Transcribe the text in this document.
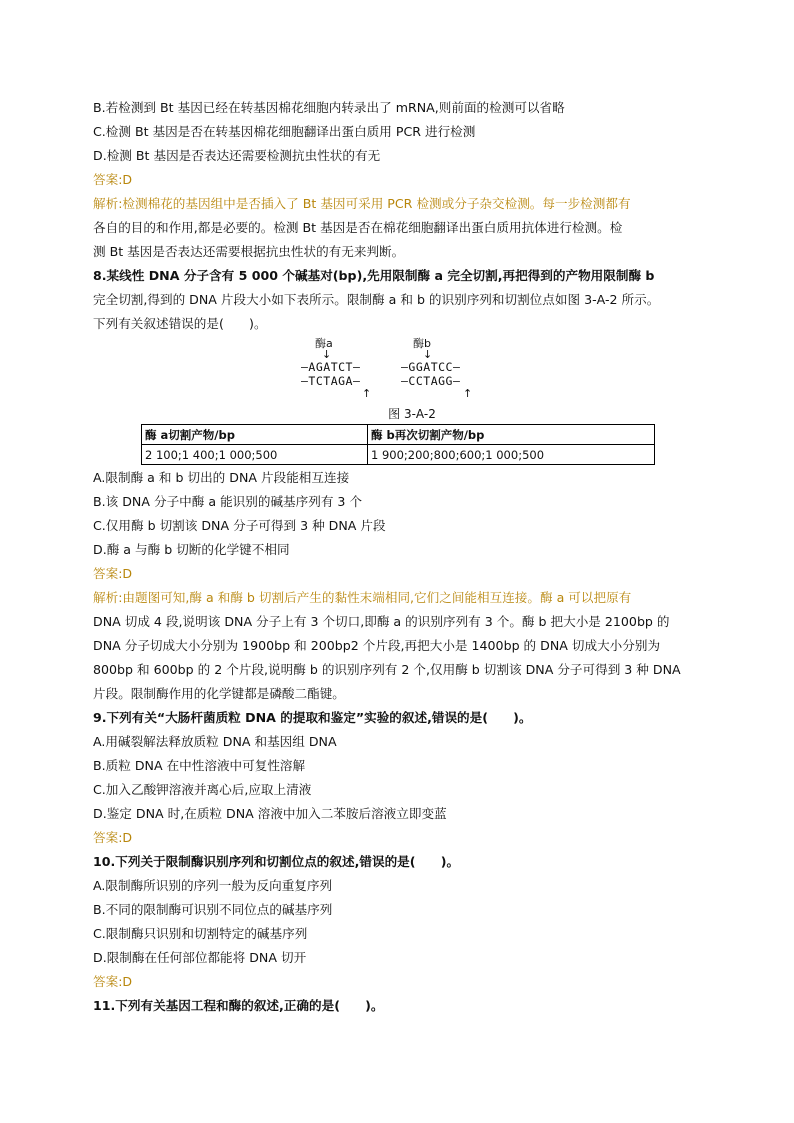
B.若检测到 Bt 基因已经在转基因棉花细胞内转录出了 mRNA,则前面的检测可以省略
C.检测 Bt 基因是否在转基因棉花细胞翻译出蛋白质用 PCR 进行检测
D.检测 Bt 基因是否表达还需要检测抗虫性状的有无
答案:D
解析:检测棉花的基因组中是否插入了 Bt 基因可采用 PCR 检测或分子杂交检测。每一步检测都有
各自的目的和作用,都是必要的。检测 Bt 基因是否在棉花细胞翻译出蛋白质用抗体进行检测。检
测 Bt 基因是否表达还需要根据抗虫性状的有无来判断。
8.某线性 DNA 分子含有 5 000 个碱基对(bp),先用限制酶 a 完全切割,再把得到的产物用限制酶 b
完全切割,得到的 DNA 片段大小如下表所示。限制酶 a 和 b 的识别序列和切割位点如图 3-A-2 所示。
下列有关叙述错误的是(　　)。
酶a
↓
酶b
↓
—AGATCT—
—TCTAGA—
—GGATCC—
—CCTAGG—
↑	↑
图 3-A-2
酶 a切割产物/bp	酶 b再次切割产物/bp
2 100;1 400;1 000;500	1 900;200;800;600;1 000;500
A.限制酶 a 和 b 切出的 DNA 片段能相互连接
B.该 DNA 分子中酶 a 能识别的碱基序列有 3 个
C.仅用酶 b 切割该 DNA 分子可得到 3 种 DNA 片段
D.酶 a 与酶 b 切断的化学键不相同
答案:D
解析:由题图可知,酶 a 和酶 b 切割后产生的黏性末端相同,它们之间能相互连接。酶 a 可以把原有
DNA 切成 4 段,说明该 DNA 分子上有 3 个切口,即酶 a 的识别序列有 3 个。酶 b 把大小是 2100bp 的
DNA 分子切成大小分别为 1900bp 和 200bp2 个片段,再把大小是 1400bp 的 DNA 切成大小分别为
800bp 和 600bp 的 2 个片段,说明酶 b 的识别序列有 2 个,仅用酶 b 切割该 DNA 分子可得到 3 种 DNA
片段。限制酶作用的化学键都是磷酸二酯键。
9.下列有关“大肠杆菌质粒 DNA 的提取和鉴定”实验的叙述,错误的是(　　)。
A.用碱裂解法释放质粒 DNA 和基因组 DNA
B.质粒 DNA 在中性溶液中可复性溶解
C.加入乙酸钾溶液并离心后,应取上清液
D.鉴定 DNA 时,在质粒 DNA 溶液中加入二苯胺后溶液立即变蓝
答案:D
10.下列关于限制酶识别序列和切割位点的叙述,错误的是(　　)。
A.限制酶所识别的序列一般为反向重复序列
B.不同的限制酶可识别不同位点的碱基序列
C.限制酶只识别和切割特定的碱基序列
D.限制酶在任何部位都能将 DNA 切开
答案:D
11.下列有关基因工程和酶的叙述,正确的是(　　)。
